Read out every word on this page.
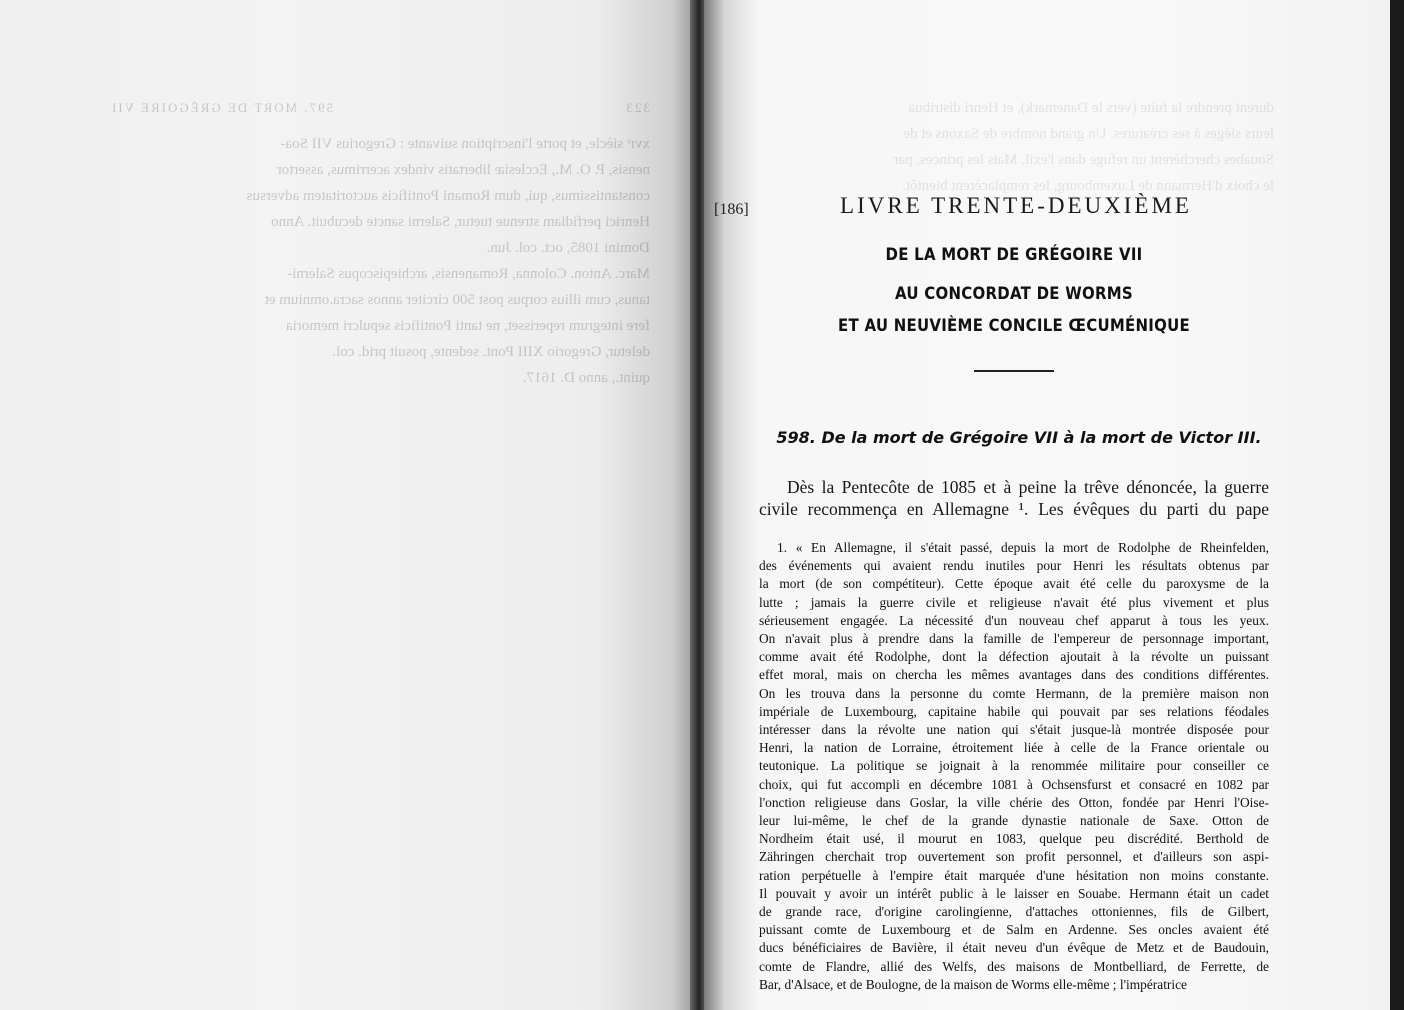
323
597. MORT DE GRÉGOIRE VII
xvɪᵉ siècle, et porte l'inscription suivante : Gregorius VII Soa-
nensis, P. O. M., Ecclesiæ libertatis vindex acerrimus, assertor
constantissimus, qui, dum Romani Pontificis auctoritatem adversus
Henrici perfidiam strenue tuetur, Salerni sancte decubuit. Anno
Domini 1085, oct. col. Jun.
Marc. Anton. Colonna, Romanensis, archiepiscopus Salerni-
tanus, cum illius corpus post 500 circiter annos sacra.omnium et
fere integrum reperisset, ne tanti Pontificis sepulcri memoria
deletur, Gregorio XIII Pont. sedente, posuit prid. col.
quint., anno D. 1617.
durent prendre la fuite (vers le Danemark), et Henri distribua
leurs sièges à ses créatures. Un grand nombre de Saxons et de
Souabes cherchèrent un refuge dans l'exil. Mais les princes, par
le choix d'Hermann de Luxembourg, les remplacèrent bientôt.
[186]	LIVRE TRENTE-DEUXIÈME
DE LA MORT DE GRÉGOIRE VII
AU CONCORDAT DE WORMS
ET AU NEUVIÈME CONCILE ŒCUMÉNIQUE
598. De la mort de Grégoire VII à la mort de Victor III.
Dès la Pentecôte de 1085 et à peine la trêve dénoncée, la guerre
civile recommença en Allemagne ¹. Les évêques du parti du pape
1. « En Allemagne, il s'était passé, depuis la mort de Rodolphe de Rheinfelden,
des événements qui avaient rendu inutiles pour Henri les résultats obtenus par
la mort (de son compétiteur). Cette époque avait été celle du paroxysme de la
lutte ; jamais la guerre civile et religieuse n'avait été plus vivement et plus
sérieusement engagée. La nécessité d'un nouveau chef apparut à tous les yeux.
On n'avait plus à prendre dans la famille de l'empereur de personnage important,
comme avait été Rodolphe, dont la défection ajoutait à la révolte un puissant
effet moral, mais on chercha les mêmes avantages dans des conditions différentes.
On les trouva dans la personne du comte Hermann, de la première maison non
impériale de Luxembourg, capitaine habile qui pouvait par ses relations féodales
intéresser dans la révolte une nation qui s'était jusque-là montrée disposée pour
Henri, la nation de Lorraine, étroitement liée à celle de la France orientale ou
teutonique. La politique se joignait à la renommée militaire pour conseiller ce
choix, qui fut accompli en décembre 1081 à Ochsensfurst et consacré en 1082 par
l'onction religieuse dans Goslar, la ville chérie des Otton, fondée par Henri l'Oise-
leur lui-même, le chef de la grande dynastie nationale de Saxe. Otton de
Nordheim était usé, il mourut en 1083, quelque peu discrédité. Berthold de
Zähringen cherchait trop ouvertement son profit personnel, et d'ailleurs son aspi-
ration perpétuelle à l'empire était marquée d'une hésitation non moins constante.
Il pouvait y avoir un intérêt public à le laisser en Souabe. Hermann était un cadet
de grande race, d'origine carolingienne, d'attaches ottoniennes, fils de Gilbert,
puissant comte de Luxembourg et de Salm en Ardenne. Ses oncles avaient été
ducs bénéficiaires de Bavière, il était neveu d'un évêque de Metz et de Baudouin,
comte de Flandre, allié des Welfs, des maisons de Montbelliard, de Ferrette, de
Bar, d'Alsace, et de Boulogne, de la maison de Worms elle-même ; l'impératrice
